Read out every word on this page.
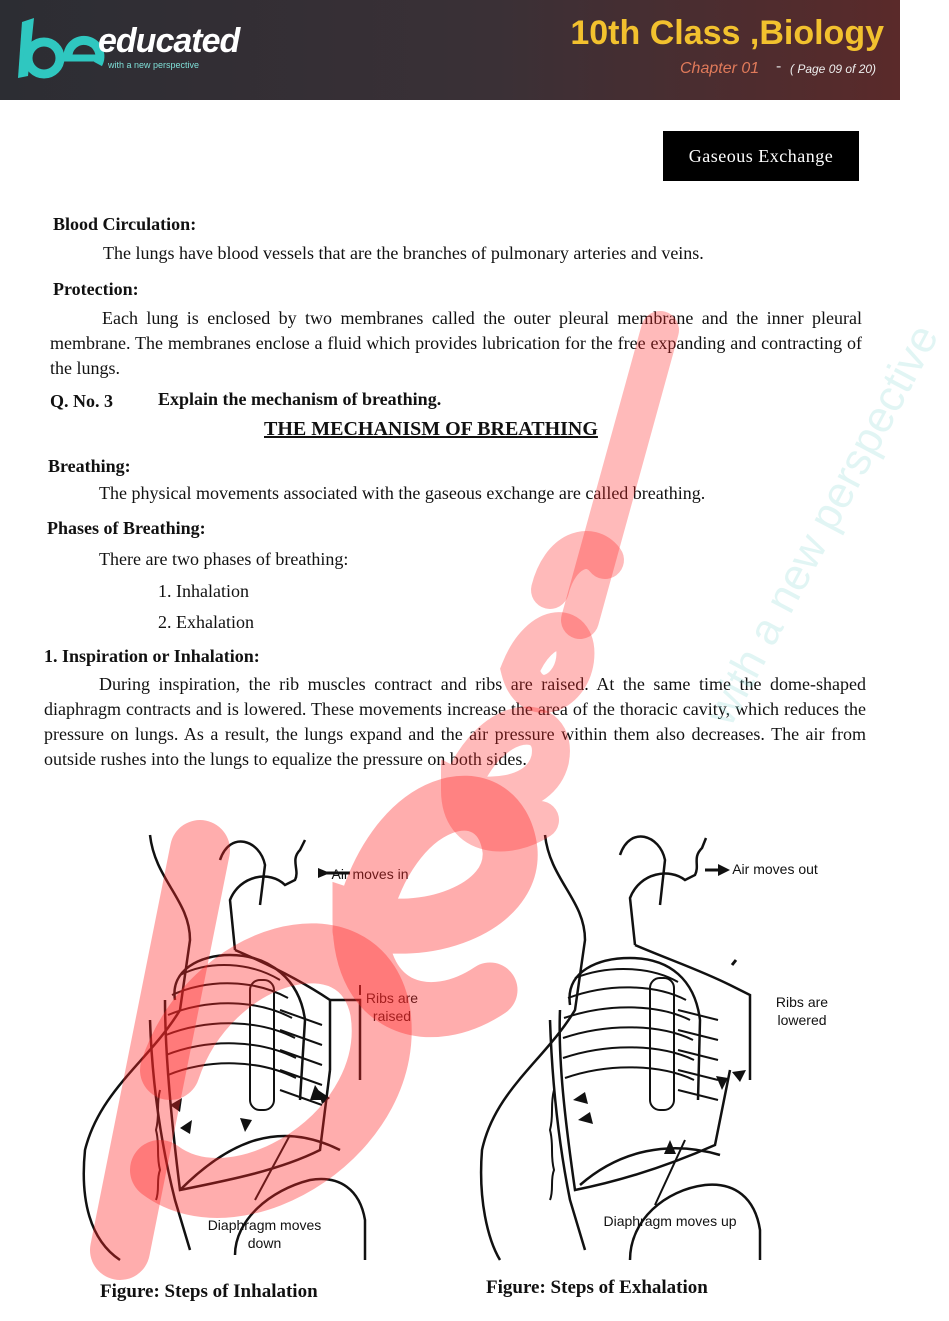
educated
with a new perspective
10th Class ,Biology
Chapter 01 - ( Page 09 of 20)
Gaseous Exchange
Blood Circulation:
The lungs have blood vessels that are the branches of pulmonary arteries and veins.
Protection:
Each lung is enclosed by two membranes called the outer pleural membrane and the inner pleural membrane. The membranes enclose a fluid which provides lubrication for the free expanding and contracting of the lungs.
Q. No. 3	Explain the mechanism of breathing.
THE MECHANISM OF BREATHING
Breathing:
The physical movements associated with the gaseous exchange are called breathing.
Phases of Breathing:
There are two phases of breathing:
1. Inhalation
2. Exhalation
1. Inspiration or Inhalation:
During inspiration, the rib muscles contract and ribs are raised. At the same time the dome-shaped diaphragm contracts and is lowered. These movements increase the area of the thoracic cavity, which reduces the pressure on lungs. As a result, the lungs expand and the air pressure within them also decreases. The air from outside rushes into the lungs to equalize the pressure on both sides.
Air moves in
Ribs are raised
Diaphragm moves down
Figure: Steps of Inhalation
Air moves out
Ribs are lowered
Diaphragm moves up
Figure: Steps of Exhalation
with a new perspective
